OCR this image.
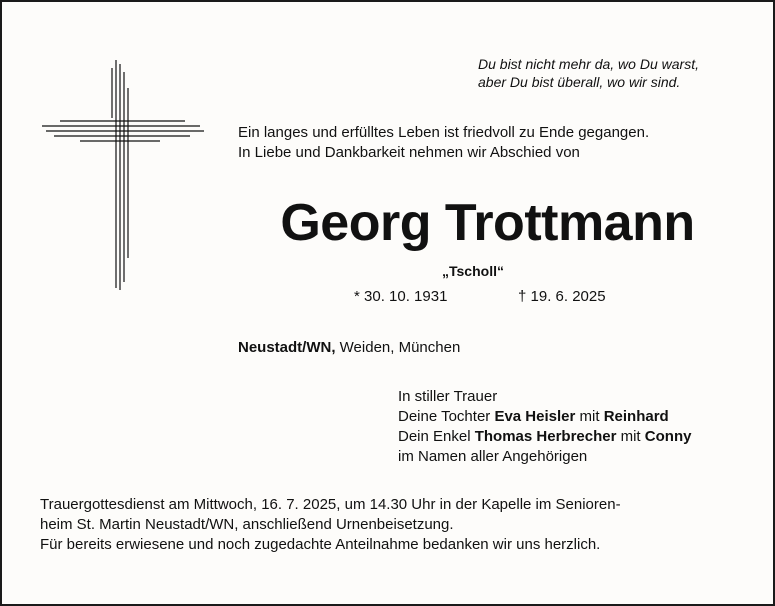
Du bist nicht mehr da, wo Du warst,
aber Du bist überall, wo wir sind.
Ein langes und erfülltes Leben ist friedvoll zu Ende gegangen.
In Liebe und Dankbarkeit nehmen wir Abschied von
Georg Trottmann
„Tscholl“
* 30. 10. 1931	† 19. 6. 2025
Neustadt/WN, Weiden, München
In stiller Trauer
Deine Tochter Eva Heisler mit Reinhard
Dein Enkel Thomas Herbrecher mit Conny
im Namen aller Angehörigen
Trauergottesdienst am Mittwoch, 16. 7. 2025, um 14.30 Uhr in der Kapelle im Senioren-
heim St. Martin Neustadt/WN, anschließend Urnenbeisetzung.
Für bereits erwiesene und noch zugedachte Anteilnahme bedanken wir uns herzlich.
